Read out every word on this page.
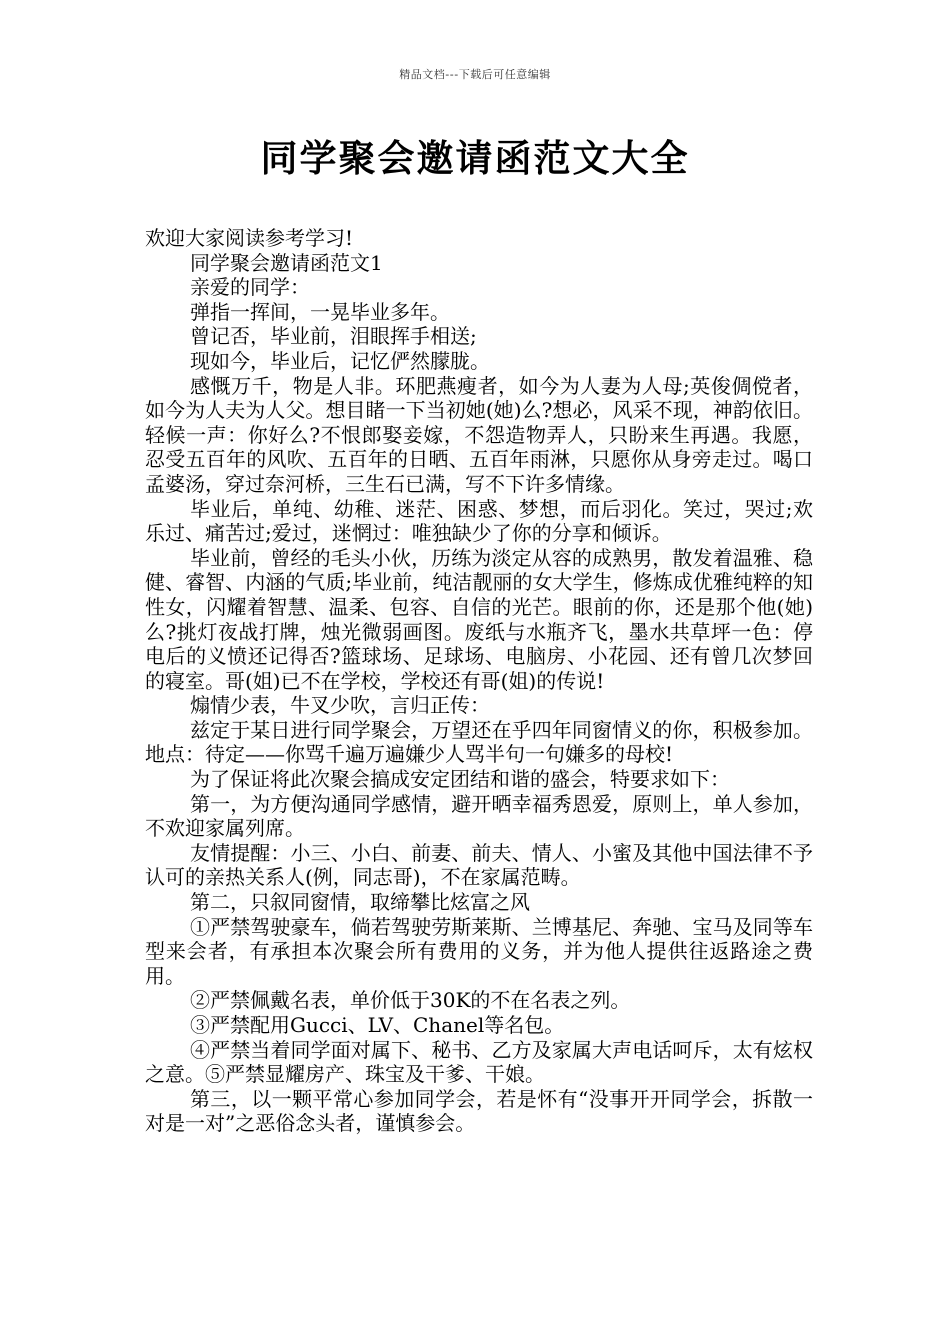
精品文档---下载后可任意编辑
同学聚会邀请函范文大全

欢迎大家阅读参考学习!

同学聚会邀请函范文1

亲爱的同学：

弹指一挥间，一晃毕业多年。

曾记否，毕业前，泪眼挥手相送;

现如今，毕业后，记忆俨然朦胧。

感慨万千，物是人非。环肥燕瘦者，如今为人妻为人母;英俊倜傥者，如今为人夫为人父。想目睹一下当初她(她)么?想必，风采不现，神韵依旧。轻候一声：你好么?不恨郎娶妾嫁，不怨造物弄人，只盼来生再遇。我愿，忍受五百年的风吹、五百年的日晒、五百年雨淋，只愿你从身旁走过。喝口孟婆汤，穿过奈河桥，三生石已满，写不下许多情缘。

毕业后，单纯、幼稚、迷茫、困惑、梦想，而后羽化。笑过，哭过;欢乐过、痛苦过;爱过，迷惘过：唯独缺少了你的分享和倾诉。

毕业前，曾经的毛头小伙，历练为淡定从容的成熟男，散发着温雅、稳健、睿智、内涵的气质;毕业前，纯洁靓丽的女大学生，修炼成优雅纯粹的知性女，闪耀着智慧、温柔、包容、自信的光芒。眼前的你，还是那个他(她)么?挑灯夜战打牌，烛光微弱画图。废纸与水瓶齐飞，墨水共草坪一色：停电后的义愤还记得否?篮球场、足球场、电脑房、小花园、还有曾几次梦回的寝室。哥(姐)已不在学校，学校还有哥(姐)的传说!

煽情少表，牛叉少吹，言归正传：

兹定于某日进行同学聚会，万望还在乎四年同窗情义的你，积极参加。地点：待定——你骂千遍万遍嫌少人骂半句一句嫌多的母校!

为了保证将此次聚会搞成安定团结和谐的盛会，特要求如下：

第一，为方便沟通同学感情，避开晒幸福秀恩爱，原则上，单人参加，不欢迎家属列席。

友情提醒：小三、小白、前妻、前夫、情人、小蜜及其他中国法律不予认可的亲热关系人(例，同志哥)，不在家属范畴。

第二，只叙同窗情，取缔攀比炫富之风

①严禁驾驶豪车，倘若驾驶劳斯莱斯、兰博基尼、奔驰、宝马及同等车型来会者，有承担本次聚会所有费用的义务，并为他人提供往返路途之费用。

②严禁佩戴名表，单价低于30K的不在名表之列。

③严禁配用Gucci、LV、Chanel等名包。

④严禁当着同学面对属下、秘书、乙方及家属大声电话呵斥，太有炫权之意。⑤严禁显耀房产、珠宝及干爹、干娘。

第三，以一颗平常心参加同学会，若是怀有“没事开开同学会，拆散一对是一对”之恶俗念头者，谨慎参会。
